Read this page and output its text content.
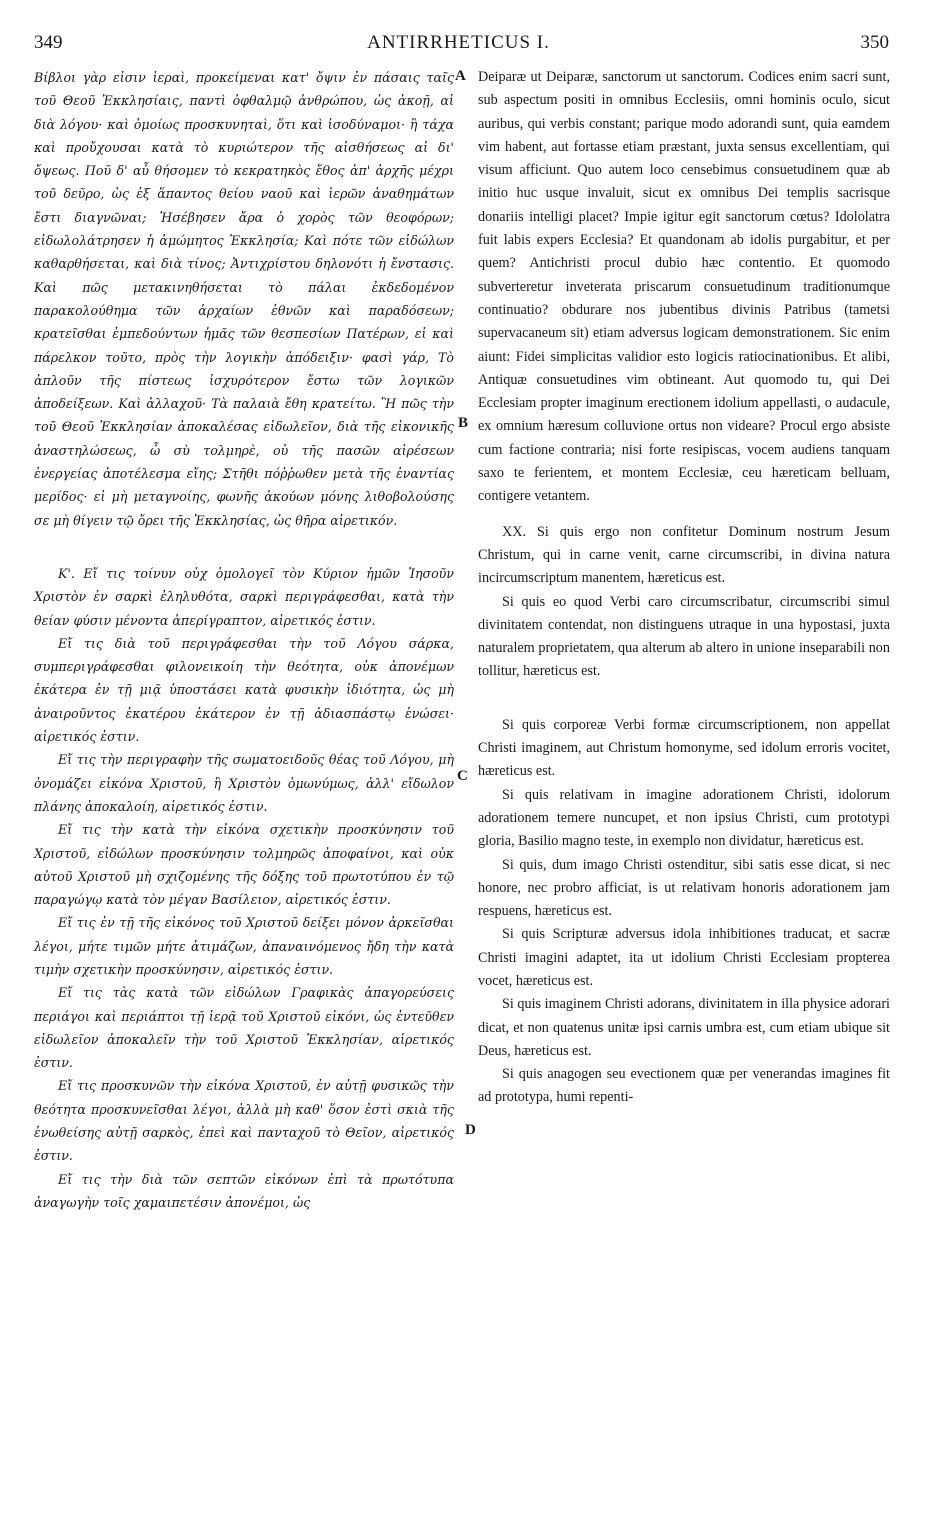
349	ANTIRRHETICUS I.	350

Βίβλοι γὰρ εἰσιν ἱεραὶ, προκείμεναι κατ' ὄψιν ἐν πάσαις ταῖς τοῦ Θεοῦ Ἐκκλησίαις, παντὶ ὀφθαλμῷ ἀνθρώπου, ὡς ἀκοῇ, αἱ διὰ λόγου· καὶ ὁμοίως προσκυνηταὶ, ὅτι καὶ ἰσοδύναμοι· ἢ τάχα καὶ προὔχουσαι κατὰ τὸ κυριώτερον τῆς αἰσθήσεως αἱ δι' ὄψεως. Ποῦ δ' αὖ θήσομεν τὸ κεκρατηκὸς ἔθος ἀπ' ἀρχῆς μέχρι τοῦ δεῦρο, ὡς ἐξ ἅπαντος θείου ναοῦ καὶ ἱερῶν ἀναθημάτων ἔστι διαγνῶναι; Ἠσέβησεν ἄρα ὁ χορὸς τῶν θεοφόρων; εἰδωλολάτρησεν ἡ ἀμώμητος Ἐκκλησία; Καὶ πότε τῶν εἰδώλων καθαρθήσεται, καὶ διὰ τίνος; Ἀντιχρίστου δηλονότι ἡ ἔνστασις. Καὶ πῶς μετακινηθήσεται τὸ πάλαι ἐκδεδομένον παρακολούθημα τῶν ἀρχαίων ἐθνῶν καὶ παραδόσεων; κρατεῖσθαι ἐμπεδούντων ἡμᾶς τῶν θεσπεσίων Πατέρων, εἰ καὶ πάρελκον τοῦτο, πρὸς τὴν λογικὴν ἀπόδειξιν· φασὶ γάρ, Τὸ ἁπλοῦν τῆς πίστεως ἰσχυρότερον ἔστω τῶν λογικῶν ἀποδείξεων. Καὶ ἀλλαχοῦ· Τὰ παλαιὰ ἔθη κρατείτω. Ἢ πῶς τὴν τοῦ Θεοῦ Ἐκκλησίαν ἀποκαλέσας εἰδωλεῖον, διὰ τῆς εἰκονικῆς ἀναστηλώσεως, ὦ σὺ τολμηρὲ, οὐ τῆς πασῶν αἱρέσεων ἐνεργείας ἀποτέλεσμα εἴης; Στῆθι πόῤῥωθεν μετὰ τῆς ἐναντίας μερίδος· εἰ μὴ μεταγνοίης, φωνῆς ἀκούων μόνης λιθοβολούσης σε μὴ θίγειν τῷ ὄρει τῆς Ἐκκλησίας, ὡς θῆρα αἱρετικόν.

Κ'. Εἴ τις τοίνυν οὐχ ὁμολογεῖ τὸν Κύριον ἡμῶν Ἰησοῦν Χριστὸν ἐν σαρκὶ ἐληλυθότα, σαρκὶ περιγράφεσθαι, κατὰ τὴν θείαν φύσιν μένοντα ἀπερίγραπτον, αἱρετικός ἐστιν.

Εἴ τις διὰ τοῦ περιγράφεσθαι τὴν τοῦ Λόγου σάρκα, συμπεριγράφεσθαι φιλονεικοίη τὴν θεότητα, οὐκ ἀπονέμων ἑκάτερα ἐν τῇ μιᾷ ὑποστάσει κατὰ φυσικὴν ἰδιότητα, ὡς μὴ ἀναιροῦντος ἑκατέρου ἑκάτερον ἐν τῇ ἀδιασπάστῳ ἑνώσει· αἱρετικός ἐστιν.

Εἴ τις τὴν περιγραφὴν τῆς σωματοειδοῦς θέας τοῦ Λόγου, μὴ ὀνομάζει εἰκόνα Χριστοῦ, ἢ Χριστὸν ὁμωνύμως, ἀλλ' εἴδωλον πλάνης ἀποκαλοίη, αἱρετικός ἐστιν.

Εἴ τις τὴν κατὰ τὴν εἰκόνα σχετικὴν προσκύνησιν τοῦ Χριστοῦ, εἰδώλων προσκύνησιν τολμηρῶς ἀποφαίνοι, καὶ οὐκ αὐτοῦ Χριστοῦ μὴ σχιζομένης τῆς δόξης τοῦ πρωτοτύπου ἐν τῷ παραγώγῳ κατὰ τὸν μέγαν Βασίλειον, αἱρετικός ἐστιν.

Εἴ τις ἐν τῇ τῆς εἰκόνος τοῦ Χριστοῦ δείξει μόνον ἀρκεῖσθαι λέγοι, μήτε τιμῶν μήτε ἀτιμάζων, ἀπαναινόμενος ἤδη τὴν κατὰ τιμὴν σχετικὴν προσκύνησιν, αἱρετικός ἐστιν.

Εἴ τις τὰς κατὰ τῶν εἰδώλων Γραφικὰς ἀπαγορεύσεις περιάγοι καὶ περιάπτοι τῇ ἱερᾷ τοῦ Χριστοῦ εἰκόνι, ὡς ἐντεῦθεν εἰδωλεῖον ἀποκαλεῖν τὴν τοῦ Χριστοῦ Ἐκκλησίαν, αἱρετικός ἐστιν.

Εἴ τις προσκυνῶν τὴν εἰκόνα Χριστοῦ, ἐν αὐτῇ φυσικῶς τὴν θεότητα προσκυνεῖσθαι λέγοι, ἀλλὰ μὴ καθ' ὅσον ἐστὶ σκιὰ τῆς ἑνωθείσης αὐτῇ σαρκὸς, ἐπεὶ καὶ πανταχοῦ τὸ Θεῖον, αἱρετικός ἐστιν.

Εἴ τις τὴν διὰ τῶν σεπτῶν εἰκόνων ἐπὶ τὰ πρωτότυπα ἀναγωγὴν τοῖς χαμαιπετέσιν ἀπονέμοι, ὡς

A
B
C
D

Deiparæ ut Deiparæ, sanctorum ut sanctorum. Codices enim sacri sunt, sub aspectum positi in omnibus Ecclesiis, omni hominis oculo, sicut auribus, qui verbis constant; parique modo adorandi sunt, quia eamdem vim habent, aut fortasse etiam præstant, juxta sensus excellentiam, qui visum afficiunt. Quo autem loco censebimus consuetudinem quæ ab initio huc usque invaluit, sicut ex omnibus Dei templis sacrisque donariis intelligi placet? Impie igitur egit sanctorum cœtus? Idololatra fuit labis expers Ecclesia? Et quandonam ab idolis purgabitur, et per quem? Antichristi procul dubio hæc contentio. Et quomodo subverteretur inveterata priscarum consuetudinum traditionumque continuatio? obdurare nos jubentibus divinis Patribus (tametsi supervacaneum sit) etiam adversus logicam demonstrationem. Sic enim aiunt: Fidei simplicitas validior esto logicis ratiocinationibus. Et alibi, Antiquæ consuetudines vim obtineant. Aut quomodo tu, qui Dei Ecclesiam propter imaginum erectionem idolium appellasti, o audacule, ex omnium hæresum colluvione ortus non videare? Procul ergo absiste cum factione contraria; nisi forte resipiscas, vocem audiens tanquam saxo te ferientem, et montem Ecclesiæ, ceu hæreticam belluam, contigere vetantem.

XX. Si quis ergo non confitetur Dominum nostrum Jesum Christum, qui in carne venit, carne circumscribi, in divina natura incircumscriptum manentem, hæreticus est.

Si quis eo quod Verbi caro circumscribatur, circumscribi simul divinitatem contendat, non distinguens utraque in una hypostasi, juxta naturalem proprietatem, qua alterum ab altero in unione inseparabili non tollitur, hæreticus est.

Si quis corporeæ Verbi formæ circumscriptionem, non appellat Christi imaginem, aut Christum homonyme, sed idolum erroris vocitet, hæreticus est.

Si quis relativam in imagine adorationem Christi, idolorum adorationem temere nuncupet, et non ipsius Christi, cum prototypi gloria, Basilio magno teste, in exemplo non dividatur, hæreticus est.

Si quis, dum imago Christi ostenditur, sibi satis esse dicat, si nec honore, nec probro afficiat, is ut relativam honoris adorationem jam respuens, hæreticus est.

Si quis Scripturæ adversus idola inhibitiones traducat, et sacræ Christi imagini adaptet, ita ut idolium Christi Ecclesiam propterea vocet, hæreticus est.

Si quis imaginem Christi adorans, divinitatem in illa physice adorari dicat, et non quatenus unitæ ipsi carnis umbra est, cum etiam ubique sit Deus, hæreticus est.

Si quis anagogen seu evectionem quæ per venerandas imagines fit ad prototypa, humi repenti-
